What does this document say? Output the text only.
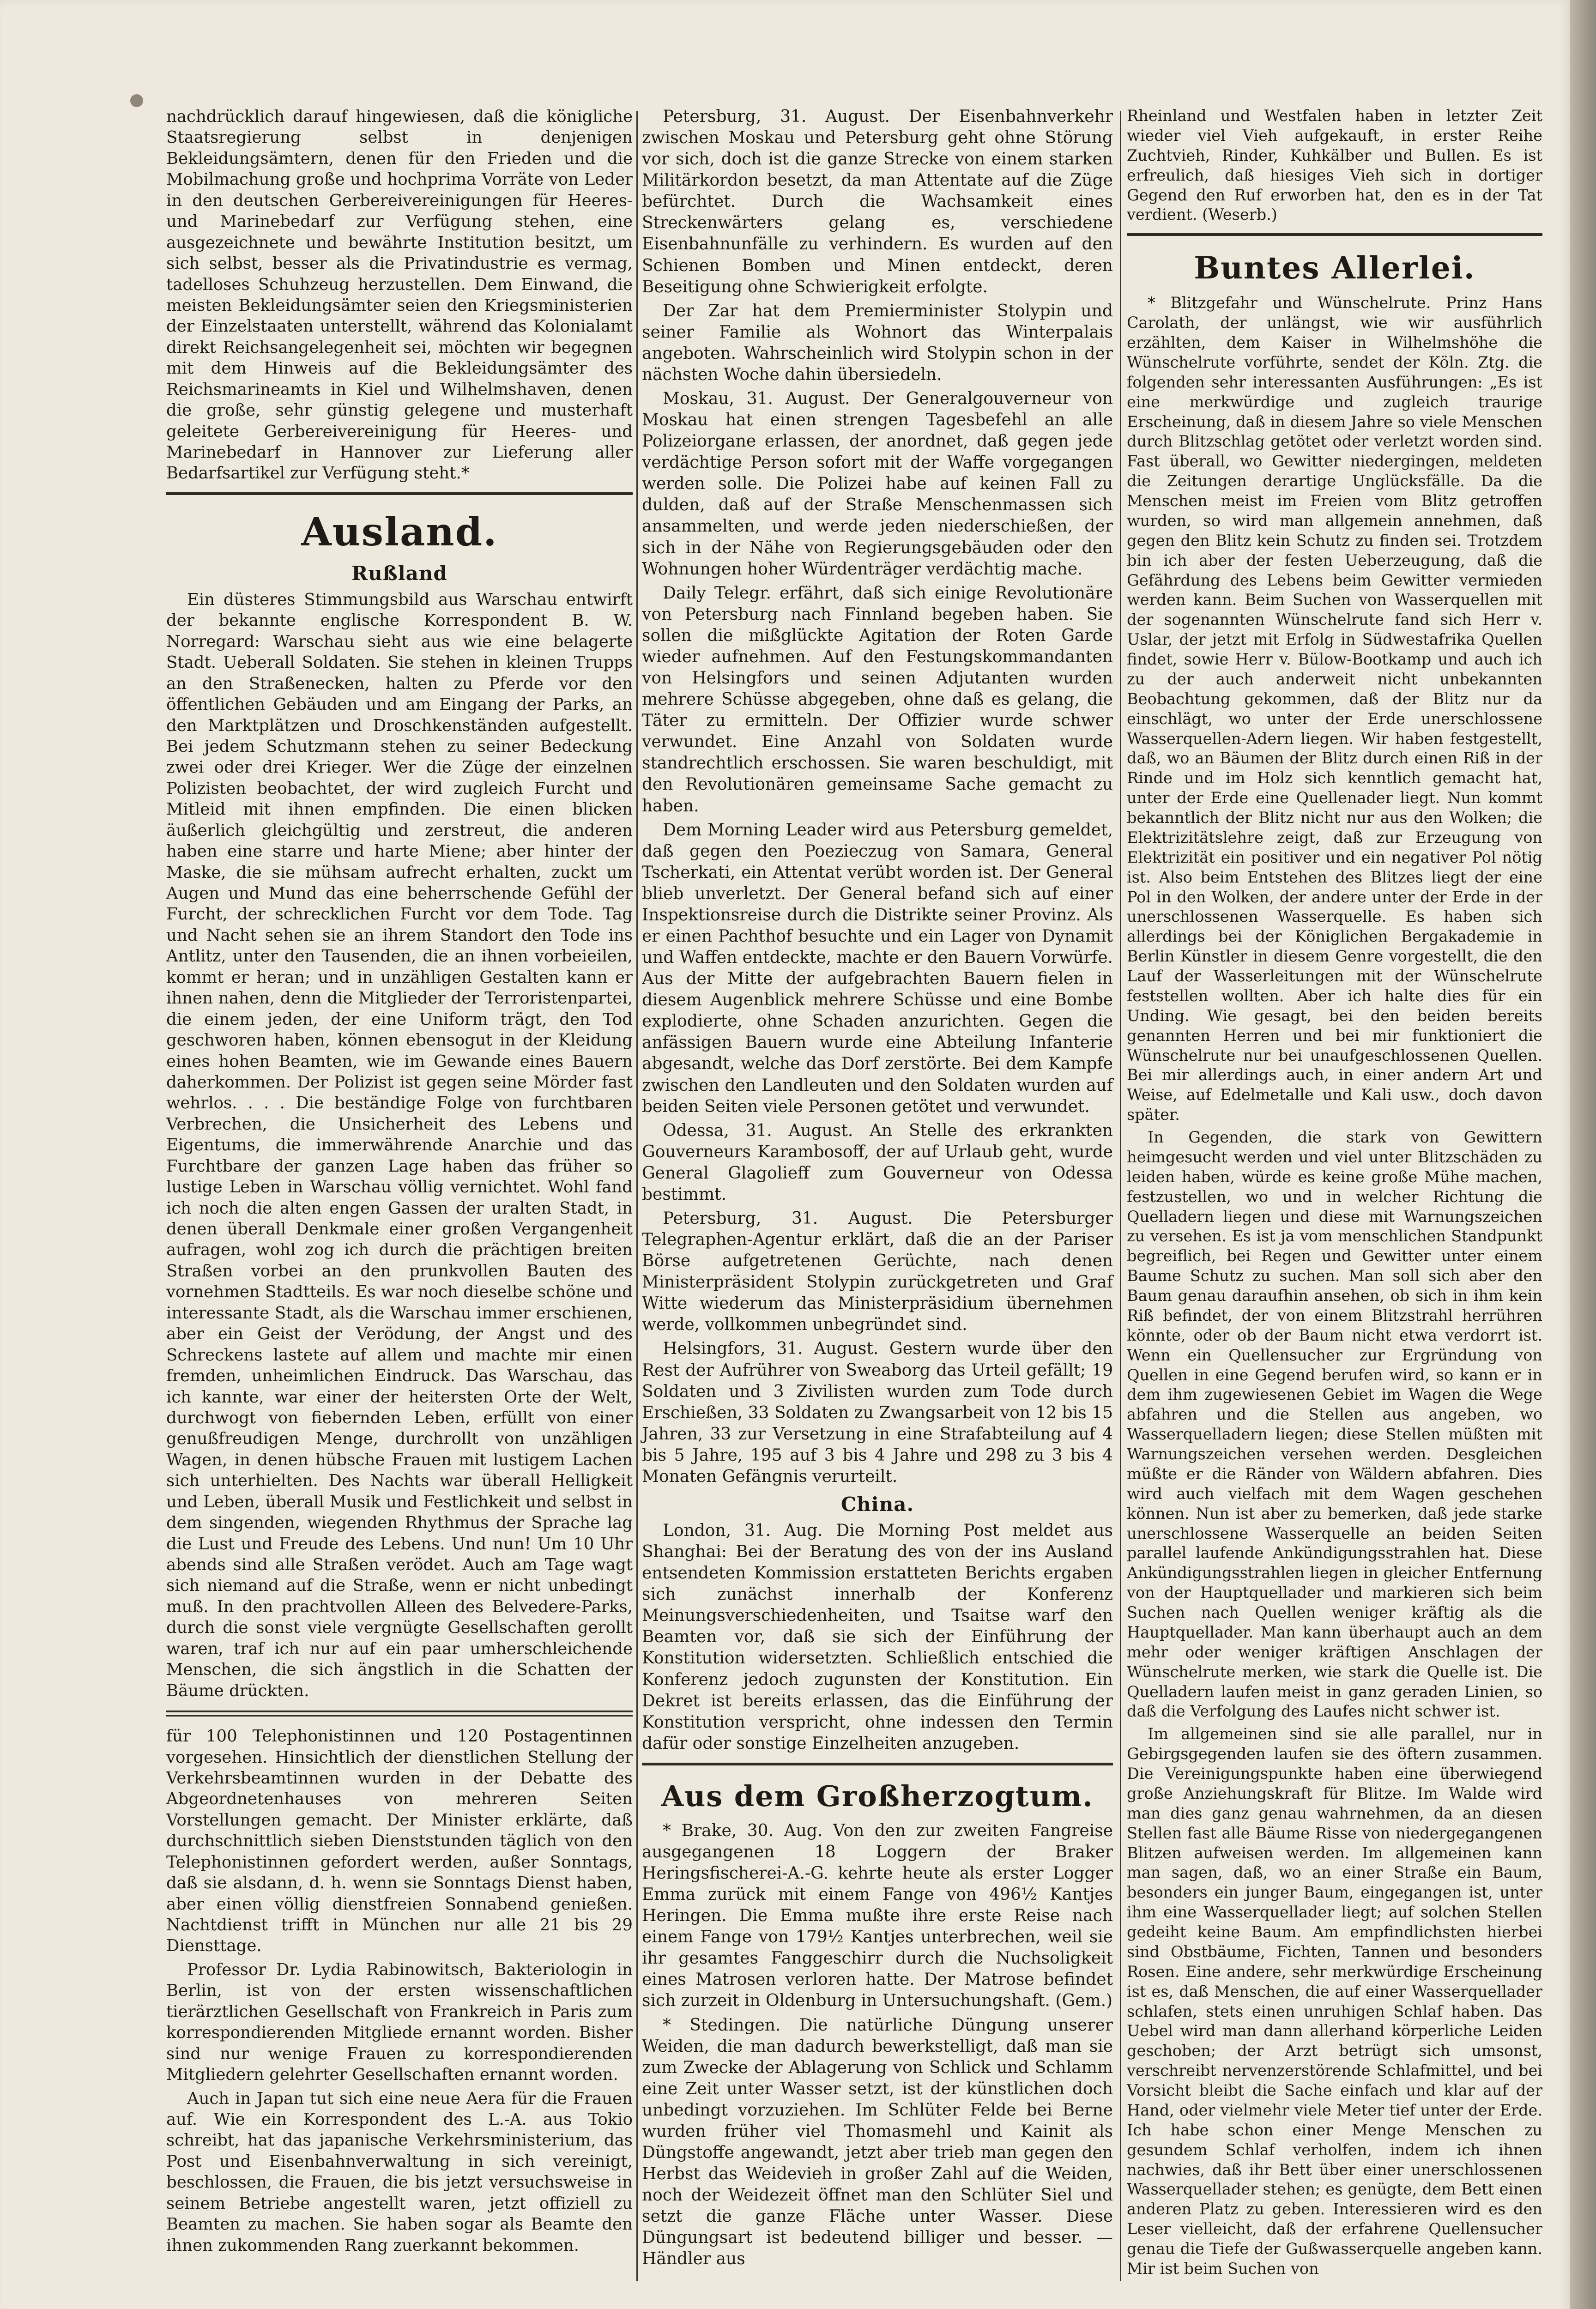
nachdrücklich darauf hingewiesen, daß die königliche Staatsregierung selbst in denjenigen Bekleidungsämtern, denen für den Frieden und die Mobilmachung große und hochprima Vorräte von Leder in den deutschen Gerbereivereinigungen für Heeres- und Marinebedarf zur Verfügung stehen, eine ausgezeichnete und bewährte Institution besitzt, um sich selbst, besser als die Privatindustrie es vermag, tadelloses Schuhzeug herzustellen. Dem Einwand, die meisten Bekleidungsämter seien den Kriegsministerien der Einzelstaaten unterstellt, während das Kolonialamt direkt Reichsangelegenheit sei, möchten wir begegnen mit dem Hinweis auf die Bekleidungsämter des Reichsmarineamts in Kiel und Wilhelmshaven, denen die große, sehr günstig gelegene und musterhaft geleitete Gerbereivereinigung für Heeres- und Marinebedarf in Hannover zur Lieferung aller Bedarfsartikel zur Verfügung steht.*

Ausland.
Rußland

Ein düsteres Stimmungsbild aus Warschau entwirft der bekannte englische Korrespondent B. W. Norregard: Warschau sieht aus wie eine belagerte Stadt. Ueberall Soldaten. Sie stehen in kleinen Trupps an den Straßenecken, halten zu Pferde vor den öffentlichen Gebäuden und am Eingang der Parks, an den Marktplätzen und Droschkenständen aufgestellt. Bei jedem Schutzmann stehen zu seiner Bedeckung zwei oder drei Krieger. Wer die Züge der einzelnen Polizisten beobachtet, der wird zugleich Furcht und Mitleid mit ihnen empfinden. Die einen blicken äußerlich gleichgültig und zerstreut, die anderen haben eine starre und harte Miene; aber hinter der Maske, die sie mühsam aufrecht erhalten, zuckt um Augen und Mund das eine beherrschende Gefühl der Furcht, der schrecklichen Furcht vor dem Tode. Tag und Nacht sehen sie an ihrem Standort den Tode ins Antlitz, unter den Tausenden, die an ihnen vorbeieilen, kommt er heran; und in unzähligen Gestalten kann er ihnen nahen, denn die Mitglieder der Terroristenpartei, die einem jeden, der eine Uniform trägt, den Tod geschworen haben, können ebensogut in der Kleidung eines hohen Beamten, wie im Gewande eines Bauern daherkommen. Der Polizist ist gegen seine Mörder fast wehrlos. . . . Die beständige Folge von furchtbaren Verbrechen, die Unsicherheit des Lebens und Eigentums, die immerwährende Anarchie und das Furchtbare der ganzen Lage haben das früher so lustige Leben in Warschau völlig vernichtet. Wohl fand ich noch die alten engen Gassen der uralten Stadt, in denen überall Denkmale einer großen Vergangenheit aufragen, wohl zog ich durch die prächtigen breiten Straßen vorbei an den prunkvollen Bauten des vornehmen Stadtteils. Es war noch dieselbe schöne und interessante Stadt, als die Warschau immer erschienen, aber ein Geist der Verödung, der Angst und des Schreckens lastete auf allem und machte mir einen fremden, unheimlichen Eindruck. Das Warschau, das ich kannte, war einer der heitersten Orte der Welt, durchwogt von fiebernden Leben, erfüllt von einer genußfreudigen Menge, durchrollt von unzähligen Wagen, in denen hübsche Frauen mit lustigem Lachen sich unterhielten. Des Nachts war überall Helligkeit und Leben, überall Musik und Festlichkeit und selbst in dem singenden, wiegenden Rhythmus der Sprache lag die Lust und Freude des Lebens. Und nun! Um 10 Uhr abends sind alle Straßen verödet. Auch am Tage wagt sich niemand auf die Straße, wenn er nicht unbedingt muß. In den prachtvollen Alleen des Belvedere-Parks, durch die sonst viele vergnügte Gesellschaften gerollt waren, traf ich nur auf ein paar umherschleichende Menschen, die sich ängstlich in die Schatten der Bäume drückten.

für 100 Telephonistinnen und 120 Postagentinnen vorgesehen. Hinsichtlich der dienstlichen Stellung der Verkehrsbeamtinnen wurden in der Debatte des Abgeordnetenhauses von mehreren Seiten Vorstellungen gemacht. Der Minister erklärte, daß durchschnittlich sieben Dienststunden täglich von den Telephonistinnen gefordert werden, außer Sonntags, daß sie alsdann, d. h. wenn sie Sonntags Dienst haben, aber einen völlig dienstfreien Sonnabend genießen. Nachtdienst trifft in München nur alle 21 bis 29 Diensttage.

Professor Dr. Lydia Rabinowitsch, Bakteriologin in Berlin, ist von der ersten wissenschaftlichen tierärztlichen Gesellschaft von Frankreich in Paris zum korrespondierenden Mitgliede ernannt worden. Bisher sind nur wenige Frauen zu korrespondierenden Mitgliedern gelehrter Gesellschaften ernannt worden.

Auch in Japan tut sich eine neue Aera für die Frauen auf. Wie ein Korrespondent des L.-A. aus Tokio schreibt, hat das japanische Verkehrsministerium, das Post und Eisenbahnverwaltung in sich vereinigt, beschlossen, die Frauen, die bis jetzt versuchsweise in seinem Betriebe angestellt waren, jetzt offiziell zu Beamten zu machen. Sie haben sogar als Beamte den ihnen zukommenden Rang zuerkannt bekommen.

Petersburg, 31. August. Der Eisenbahnverkehr zwischen Moskau und Petersburg geht ohne Störung vor sich, doch ist die ganze Strecke von einem starken Militärkordon besetzt, da man Attentate auf die Züge befürchtet. Durch die Wachsamkeit eines Streckenwärters gelang es, verschiedene Eisenbahnunfälle zu verhindern. Es wurden auf den Schienen Bomben und Minen entdeckt, deren Beseitigung ohne Schwierigkeit erfolgte.

Der Zar hat dem Premierminister Stolypin und seiner Familie als Wohnort das Winterpalais angeboten. Wahrscheinlich wird Stolypin schon in der nächsten Woche dahin übersiedeln.

Moskau, 31. August. Der Generalgouverneur von Moskau hat einen strengen Tagesbefehl an alle Polizeiorgane erlassen, der anordnet, daß gegen jede verdächtige Person sofort mit der Waffe vorgegangen werden solle. Die Polizei habe auf keinen Fall zu dulden, daß auf der Straße Menschenmassen sich ansammelten, und werde jeden niederschießen, der sich in der Nähe von Regierungsgebäuden oder den Wohnungen hoher Würdenträger verdächtig mache.

Daily Telegr. erfährt, daß sich einige Revolutionäre von Petersburg nach Finnland begeben haben. Sie sollen die mißglückte Agitation der Roten Garde wieder aufnehmen. Auf den Festungskommandanten von Helsingfors und seinen Adjutanten wurden mehrere Schüsse abgegeben, ohne daß es gelang, die Täter zu ermitteln. Der Offizier wurde schwer verwundet. Eine Anzahl von Soldaten wurde standrechtlich erschossen. Sie waren beschuldigt, mit den Revolutionären gemeinsame Sache gemacht zu haben.

Dem Morning Leader wird aus Petersburg gemeldet, daß gegen den Poezieczug von Samara, General Tscherkati, ein Attentat verübt worden ist. Der General blieb unverletzt. Der General befand sich auf einer Inspektionsreise durch die Distrikte seiner Provinz. Als er einen Pachthof besuchte und ein Lager von Dynamit und Waffen entdeckte, machte er den Bauern Vorwürfe. Aus der Mitte der aufgebrachten Bauern fielen in diesem Augenblick mehrere Schüsse und eine Bombe explodierte, ohne Schaden anzurichten. Gegen die anfässigen Bauern wurde eine Abteilung Infanterie abgesandt, welche das Dorf zerstörte. Bei dem Kampfe zwischen den Landleuten und den Soldaten wurden auf beiden Seiten viele Personen getötet und verwundet.

Odessa, 31. August. An Stelle des erkrankten Gouverneurs Karambosoff, der auf Urlaub geht, wurde General Glagolieff zum Gouverneur von Odessa bestimmt.

Petersburg, 31. August. Die Petersburger Telegraphen-Agentur erklärt, daß die an der Pariser Börse aufgetretenen Gerüchte, nach denen Ministerpräsident Stolypin zurückgetreten und Graf Witte wiederum das Ministerpräsidium übernehmen werde, vollkommen unbegründet sind.

Helsingfors, 31. August. Gestern wurde über den Rest der Aufrührer von Sweaborg das Urteil gefällt; 19 Soldaten und 3 Zivilisten wurden zum Tode durch Erschießen, 33 Soldaten zu Zwangsarbeit von 12 bis 15 Jahren, 33 zur Versetzung in eine Strafabteilung auf 4 bis 5 Jahre, 195 auf 3 bis 4 Jahre und 298 zu 3 bis 4 Monaten Gefängnis verurteilt.

China.

London, 31. Aug. Die Morning Post meldet aus Shanghai: Bei der Beratung des von der ins Ausland entsendeten Kommission erstatteten Berichts ergaben sich zunächst innerhalb der Konferenz Meinungsverschiedenheiten, und Tsaitse warf den Beamten vor, daß sie sich der Einführung der Konstitution widersetzten. Schließlich entschied die Konferenz jedoch zugunsten der Konstitution. Ein Dekret ist bereits erlassen, das die Einführung der Konstitution verspricht, ohne indessen den Termin dafür oder sonstige Einzelheiten anzugeben.

Aus dem Großherzogtum.

* Brake, 30. Aug. Von den zur zweiten Fangreise ausgegangenen 18 Loggern der Braker Heringsfischerei-A.-G. kehrte heute als erster Logger Emma zurück mit einem Fange von 496½ Kantjes Heringen. Die Emma mußte ihre erste Reise nach einem Fange von 179½ Kantjes unterbrechen, weil sie ihr gesamtes Fanggeschirr durch die Nuchsoligkeit eines Matrosen verloren hatte. Der Matrose befindet sich zurzeit in Oldenburg in Untersuchungshaft. (Gem.)

* Stedingen. Die natürliche Düngung unserer Weiden, die man dadurch bewerkstelligt, daß man sie zum Zwecke der Ablagerung von Schlick und Schlamm eine Zeit unter Wasser setzt, ist der künstlichen doch unbedingt vorzuziehen. Im Schlüter Felde bei Berne wurden früher viel Thomasmehl und Kainit als Düngstoffe angewandt, jetzt aber trieb man gegen den Herbst das Weidevieh in großer Zahl auf die Weiden, noch der Weidezeit öffnet man den Schlüter Siel und setzt die ganze Fläche unter Wasser. Diese Düngungsart ist bedeutend billiger und besser. — Händler aus

Rheinland und Westfalen haben in letzter Zeit wieder viel Vieh aufgekauft, in erster Reihe Zuchtvieh, Rinder, Kuhkälber und Bullen. Es ist erfreulich, daß hiesiges Vieh sich in dortiger Gegend den Ruf erworben hat, den es in der Tat verdient. (Weserb.)

Buntes Allerlei.

* Blitzgefahr und Wünschelrute. Prinz Hans Carolath, der unlängst, wie wir ausführlich erzählten, dem Kaiser in Wilhelmshöhe die Wünschelrute vorführte, sendet der Köln. Ztg. die folgenden sehr interessanten Ausführungen: „Es ist eine merkwürdige und zugleich traurige Erscheinung, daß in diesem Jahre so viele Menschen durch Blitzschlag getötet oder verletzt worden sind. Fast überall, wo Gewitter niedergingen, meldeten die Zeitungen derartige Unglücksfälle. Da die Menschen meist im Freien vom Blitz getroffen wurden, so wird man allgemein annehmen, daß gegen den Blitz kein Schutz zu finden sei. Trotzdem bin ich aber der festen Ueberzeugung, daß die Gefährdung des Lebens beim Gewitter vermieden werden kann. Beim Suchen von Wasserquellen mit der sogenannten Wünschelrute fand sich Herr v. Uslar, der jetzt mit Erfolg in Südwestafrika Quellen findet, sowie Herr v. Bülow-Bootkamp und auch ich zu der auch anderweit nicht unbekannten Beobachtung gekommen, daß der Blitz nur da einschlägt, wo unter der Erde unerschlossene Wasserquellen-Adern liegen. Wir haben festgestellt, daß, wo an Bäumen der Blitz durch einen Riß in der Rinde und im Holz sich kenntlich gemacht hat, unter der Erde eine Quellenader liegt. Nun kommt bekanntlich der Blitz nicht nur aus den Wolken; die Elektrizitätslehre zeigt, daß zur Erzeugung von Elektrizität ein positiver und ein negativer Pol nötig ist. Also beim Entstehen des Blitzes liegt der eine Pol in den Wolken, der andere unter der Erde in der unerschlossenen Wasserquelle. Es haben sich allerdings bei der Königlichen Bergakademie in Berlin Künstler in diesem Genre vorgestellt, die den Lauf der Wasserleitungen mit der Wünschelrute feststellen wollten. Aber ich halte dies für ein Unding. Wie gesagt, bei den beiden bereits genannten Herren und bei mir funktioniert die Wünschelrute nur bei unaufgeschlossenen Quellen. Bei mir allerdings auch, in einer andern Art und Weise, auf Edelmetalle und Kali usw., doch davon später.

In Gegenden, die stark von Gewittern heimgesucht werden und viel unter Blitzschäden zu leiden haben, würde es keine große Mühe machen, festzustellen, wo und in welcher Richtung die Quelladern liegen und diese mit Warnungszeichen zu versehen. Es ist ja vom menschlichen Standpunkt begreiflich, bei Regen und Gewitter unter einem Baume Schutz zu suchen. Man soll sich aber den Baum genau daraufhin ansehen, ob sich in ihm kein Riß befindet, der von einem Blitzstrahl herrühren könnte, oder ob der Baum nicht etwa verdorrt ist. Wenn ein Quellensucher zur Ergründung von Quellen in eine Gegend berufen wird, so kann er in dem ihm zugewiesenen Gebiet im Wagen die Wege abfahren und die Stellen aus angeben, wo Wasserquelladern liegen; diese Stellen müßten mit Warnungszeichen versehen werden. Desgleichen müßte er die Ränder von Wäldern abfahren. Dies wird auch vielfach mit dem Wagen geschehen können. Nun ist aber zu bemerken, daß jede starke unerschlossene Wasserquelle an beiden Seiten parallel laufende Ankündigungsstrahlen hat. Diese Ankündigungsstrahlen liegen in gleicher Entfernung von der Hauptquellader und markieren sich beim Suchen nach Quellen weniger kräftig als die Hauptquellader. Man kann überhaupt auch an dem mehr oder weniger kräftigen Anschlagen der Wünschelrute merken, wie stark die Quelle ist. Die Quelladern laufen meist in ganz geraden Linien, so daß die Verfolgung des Laufes nicht schwer ist.

Im allgemeinen sind sie alle parallel, nur in Gebirgsgegenden laufen sie des öftern zusammen. Die Vereinigungspunkte haben eine überwiegend große Anziehungskraft für Blitze. Im Walde wird man dies ganz genau wahrnehmen, da an diesen Stellen fast alle Bäume Risse von niedergegangenen Blitzen aufweisen werden. Im allgemeinen kann man sagen, daß, wo an einer Straße ein Baum, besonders ein junger Baum, eingegangen ist, unter ihm eine Wasserquellader liegt; auf solchen Stellen gedeiht keine Baum. Am empfindlichsten hierbei sind Obstbäume, Fichten, Tannen und besonders Rosen. Eine andere, sehr merkwürdige Erscheinung ist es, daß Menschen, die auf einer Wasserquellader schlafen, stets einen unruhigen Schlaf haben. Das Uebel wird man dann allerhand körperliche Leiden geschoben; der Arzt betrügt sich umsonst, verschreibt nervenzerstörende Schlafmittel, und bei Vorsicht bleibt die Sache einfach und klar auf der Hand, oder vielmehr viele Meter tief unter der Erde. Ich habe schon einer Menge Menschen zu gesundem Schlaf verholfen, indem ich ihnen nachwies, daß ihr Bett über einer unerschlossenen Wasserquellader stehen; es genügte, dem Bett einen anderen Platz zu geben. Interessieren wird es den Leser vielleicht, daß der erfahrene Quellensucher genau die Tiefe der Gußwasserquelle angeben kann. Mir ist beim Suchen von
